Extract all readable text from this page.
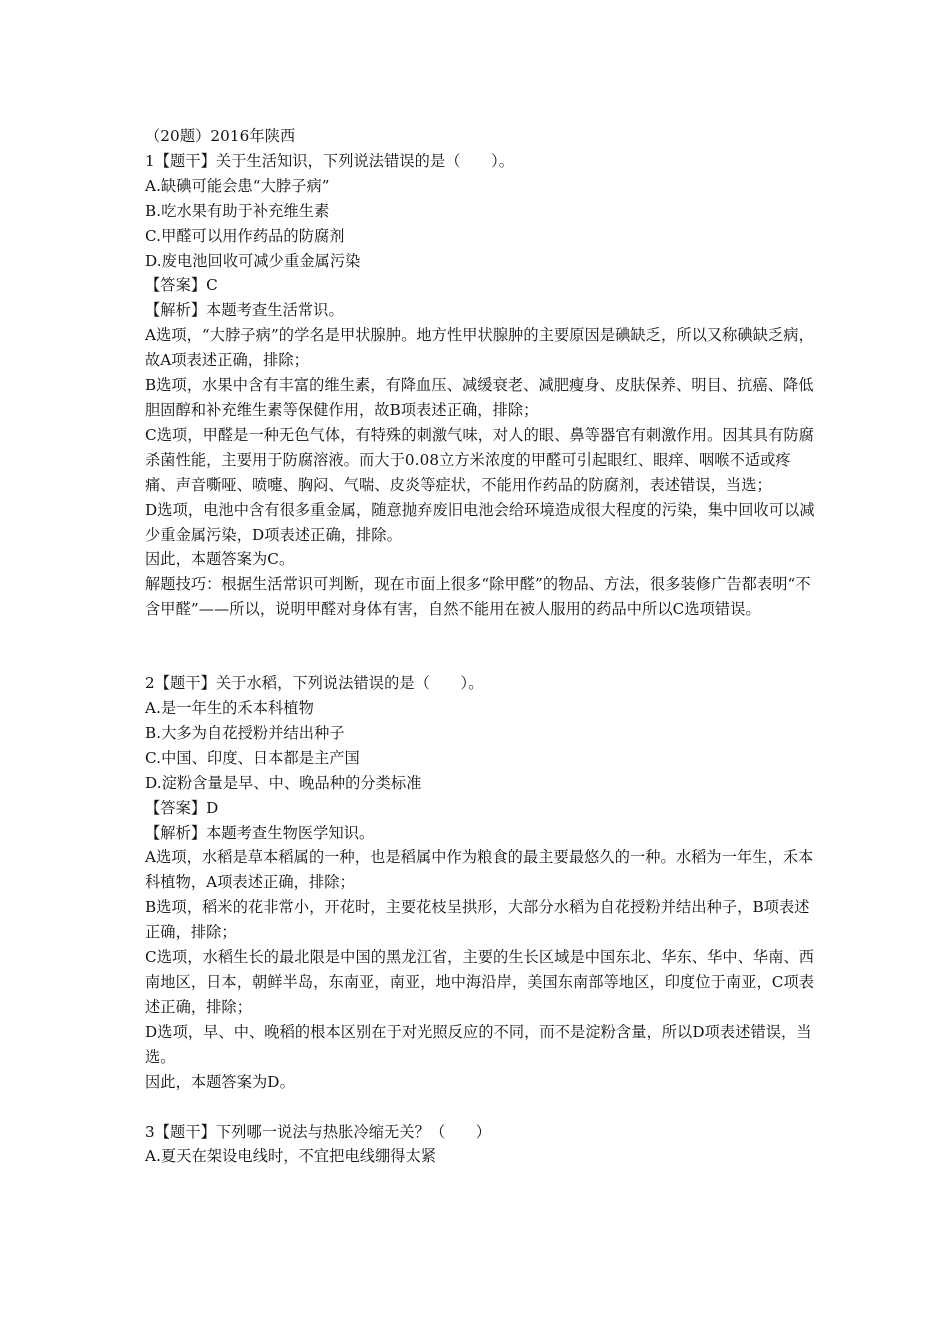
（20题）2016年陕西

1【题干】关于生活知识，下列说法错误的是（　　）。

A.缺碘可能会患“大脖子病”

B.吃水果有助于补充维生素

C.甲醛可以用作药品的防腐剂

D.废电池回收可减少重金属污染

【答案】C

【解析】本题考查生活常识。

A选项，“大脖子病”的学名是甲状腺肿。地方性甲状腺肿的主要原因是碘缺乏，所以又称碘缺乏病，故A项表述正确，排除；

B选项，水果中含有丰富的维生素，有降血压、减缓衰老、减肥瘦身、皮肤保养、明目、抗癌、降低胆固醇和补充维生素等保健作用，故B项表述正确，排除；

C选项，甲醛是一种无色气体，有特殊的刺激气味，对人的眼、鼻等器官有刺激作用。因其具有防腐杀菌性能，主要用于防腐溶液。而大于0.08立方米浓度的甲醛可引起眼红、眼痒、咽喉不适或疼痛、声音嘶哑、喷嚏、胸闷、气喘、皮炎等症状，不能用作药品的防腐剂，表述错误，当选；

D选项，电池中含有很多重金属，随意抛弃废旧电池会给环境造成很大程度的污染，集中回收可以减少重金属污染，D项表述正确，排除。

因此，本题答案为C。

解题技巧：根据生活常识可判断，现在市面上很多“除甲醛”的物品、方法，很多装修广告都表明“不含甲醛”——所以，说明甲醛对身体有害，自然不能用在被人服用的药品中所以C选项错误。

2【题干】关于水稻，下列说法错误的是（　　）。

A.是一年生的禾本科植物

B.大多为自花授粉并结出种子

C.中国、印度、日本都是主产国

D.淀粉含量是早、中、晚品种的分类标准

【答案】D

【解析】本题考查生物医学知识。

A选项，水稻是草本稻属的一种，也是稻属中作为粮食的最主要最悠久的一种。水稻为一年生，禾本科植物，A项表述正确，排除；

B选项，稻米的花非常小，开花时，主要花枝呈拱形，大部分水稻为自花授粉并结出种子，B项表述正确，排除；

C选项，水稻生长的最北限是中国的黑龙江省，主要的生长区域是中国东北、华东、华中、华南、西南地区，日本，朝鲜半岛，东南亚，南亚，地中海沿岸，美国东南部等地区，印度位于南亚，C项表述正确，排除；

D选项，早、中、晚稻的根本区别在于对光照反应的不同，而不是淀粉含量，所以D项表述错误，当选。

因此，本题答案为D。

3【题干】下列哪一说法与热胀冷缩无关？（　　）

A.夏天在架设电线时，不宜把电线绷得太紧
